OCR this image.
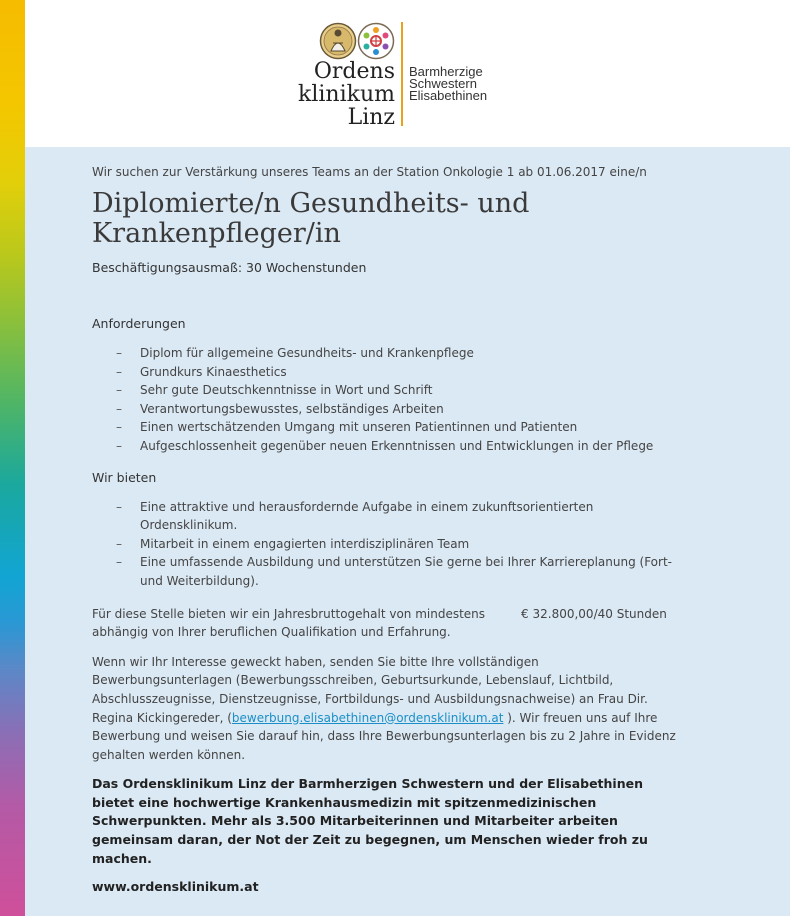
Ordens
klinikum
Linz
Barmherzige
Schwestern
Elisabethinen

Wir suchen zur Verstärkung unseres Teams an der Station Onkologie 1 ab 01.06.2017 eine/n

Diplomierte/n Gesundheits- und
Krankenpfleger/in

Beschäftigungsausmaß: 30 Wochenstunden

Anforderungen

– Diplom für allgemeine Gesundheits- und Krankenpflege
– Grundkurs Kinaesthetics
– Sehr gute Deutschkenntnisse in Wort und Schrift
– Verantwortungsbewusstes, selbständiges Arbeiten
– Einen wertschätzenden Umgang mit unseren Patientinnen und Patienten
– Aufgeschlossenheit gegenüber neuen Erkenntnissen und Entwicklungen in der Pflege

Wir bieten

– Eine attraktive und herausfordernde Aufgabe in einem zukunftsorientierten Ordensklinikum.
– Mitarbeit in einem engagierten interdisziplinären Team
– Eine umfassende Ausbildung und unterstützen Sie gerne bei Ihrer Karriereplanung (Fort- und Weiterbildung).

Für diese Stelle bieten wir ein Jahresbruttogehalt von mindestens	€ 32.800,00/40 Stunden abhängig von Ihrer beruflichen Qualifikation und Erfahrung.

Wenn wir Ihr Interesse geweckt haben, senden Sie bitte Ihre vollständigen Bewerbungsunterlagen (Bewerbungsschreiben, Geburtsurkunde, Lebenslauf, Lichtbild, Abschlusszeugnisse, Dienstzeugnisse, Fortbildungs- und Ausbildungsnachweise) an Frau Dir. Regina Kickingereder, (bewerbung.elisabethinen@ordensklinikum.at ). Wir freuen uns auf Ihre Bewerbung und weisen Sie darauf hin, dass Ihre Bewerbungsunterlagen bis zu 2 Jahre in Evidenz gehalten werden können.

Das Ordensklinikum Linz der Barmherzigen Schwestern und der Elisabethinen bietet eine hochwertige Krankenhausmedizin mit spitzenmedizinischen Schwerpunkten. Mehr als 3.500 Mitarbeiterinnen und Mitarbeiter arbeiten gemeinsam daran, der Not der Zeit zu begegnen, um Menschen wieder froh zu machen.

www.ordensklinikum.at
